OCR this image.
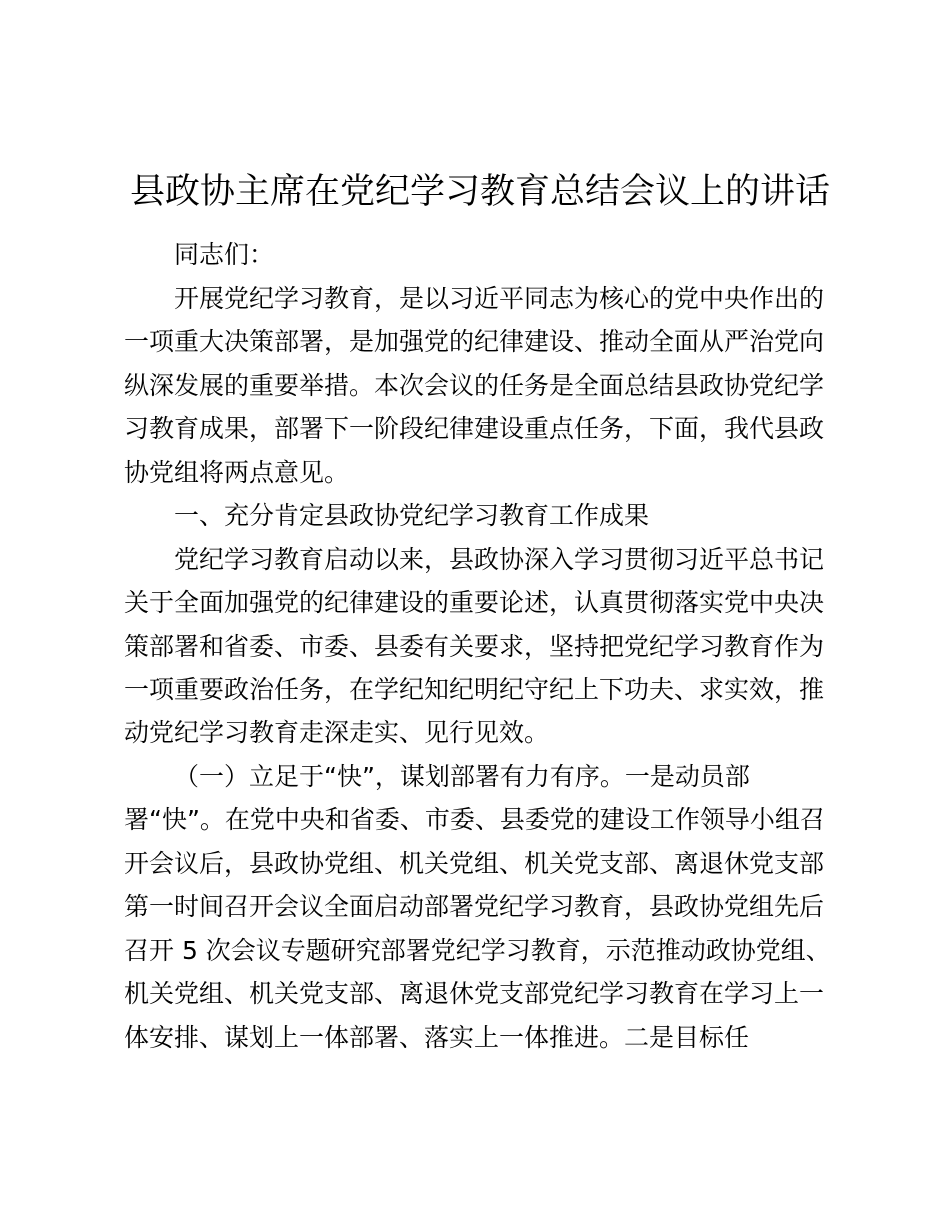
县政协主席在党纪学习教育总结会议上的讲话

同志们：

开展党纪学习教育，是以习近平同志为核心的党中央作出的

一项重大决策部署，是加强党的纪律建设、推动全面从严治党向

纵深发展的重要举措。本次会议的任务是全面总结县政协党纪学

习教育成果，部署下一阶段纪律建设重点任务，下面，我代县政

协党组将两点意见。

一、充分肯定县政协党纪学习教育工作成果

党纪学习教育启动以来，县政协深入学习贯彻习近平总书记

关于全面加强党的纪律建设的重要论述，认真贯彻落实党中央决

策部署和省委、市委、县委有关要求，坚持把党纪学习教育作为

一项重要政治任务，在学纪知纪明纪守纪上下功夫、求实效，推

动党纪学习教育走深走实、见行见效。

（一）立足于“快”，谋划部署有力有序。一是动员部

署“快”。在党中央和省委、市委、县委党的建设工作领导小组召

开会议后，县政协党组、机关党组、机关党支部、离退休党支部

第一时间召开会议全面启动部署党纪学习教育，县政协党组先后

召开 5 次会议专题研究部署党纪学习教育，示范推动政协党组、

机关党组、机关党支部、离退休党支部党纪学习教育在学习上一

体安排、谋划上一体部署、落实上一体推进。二是目标任
